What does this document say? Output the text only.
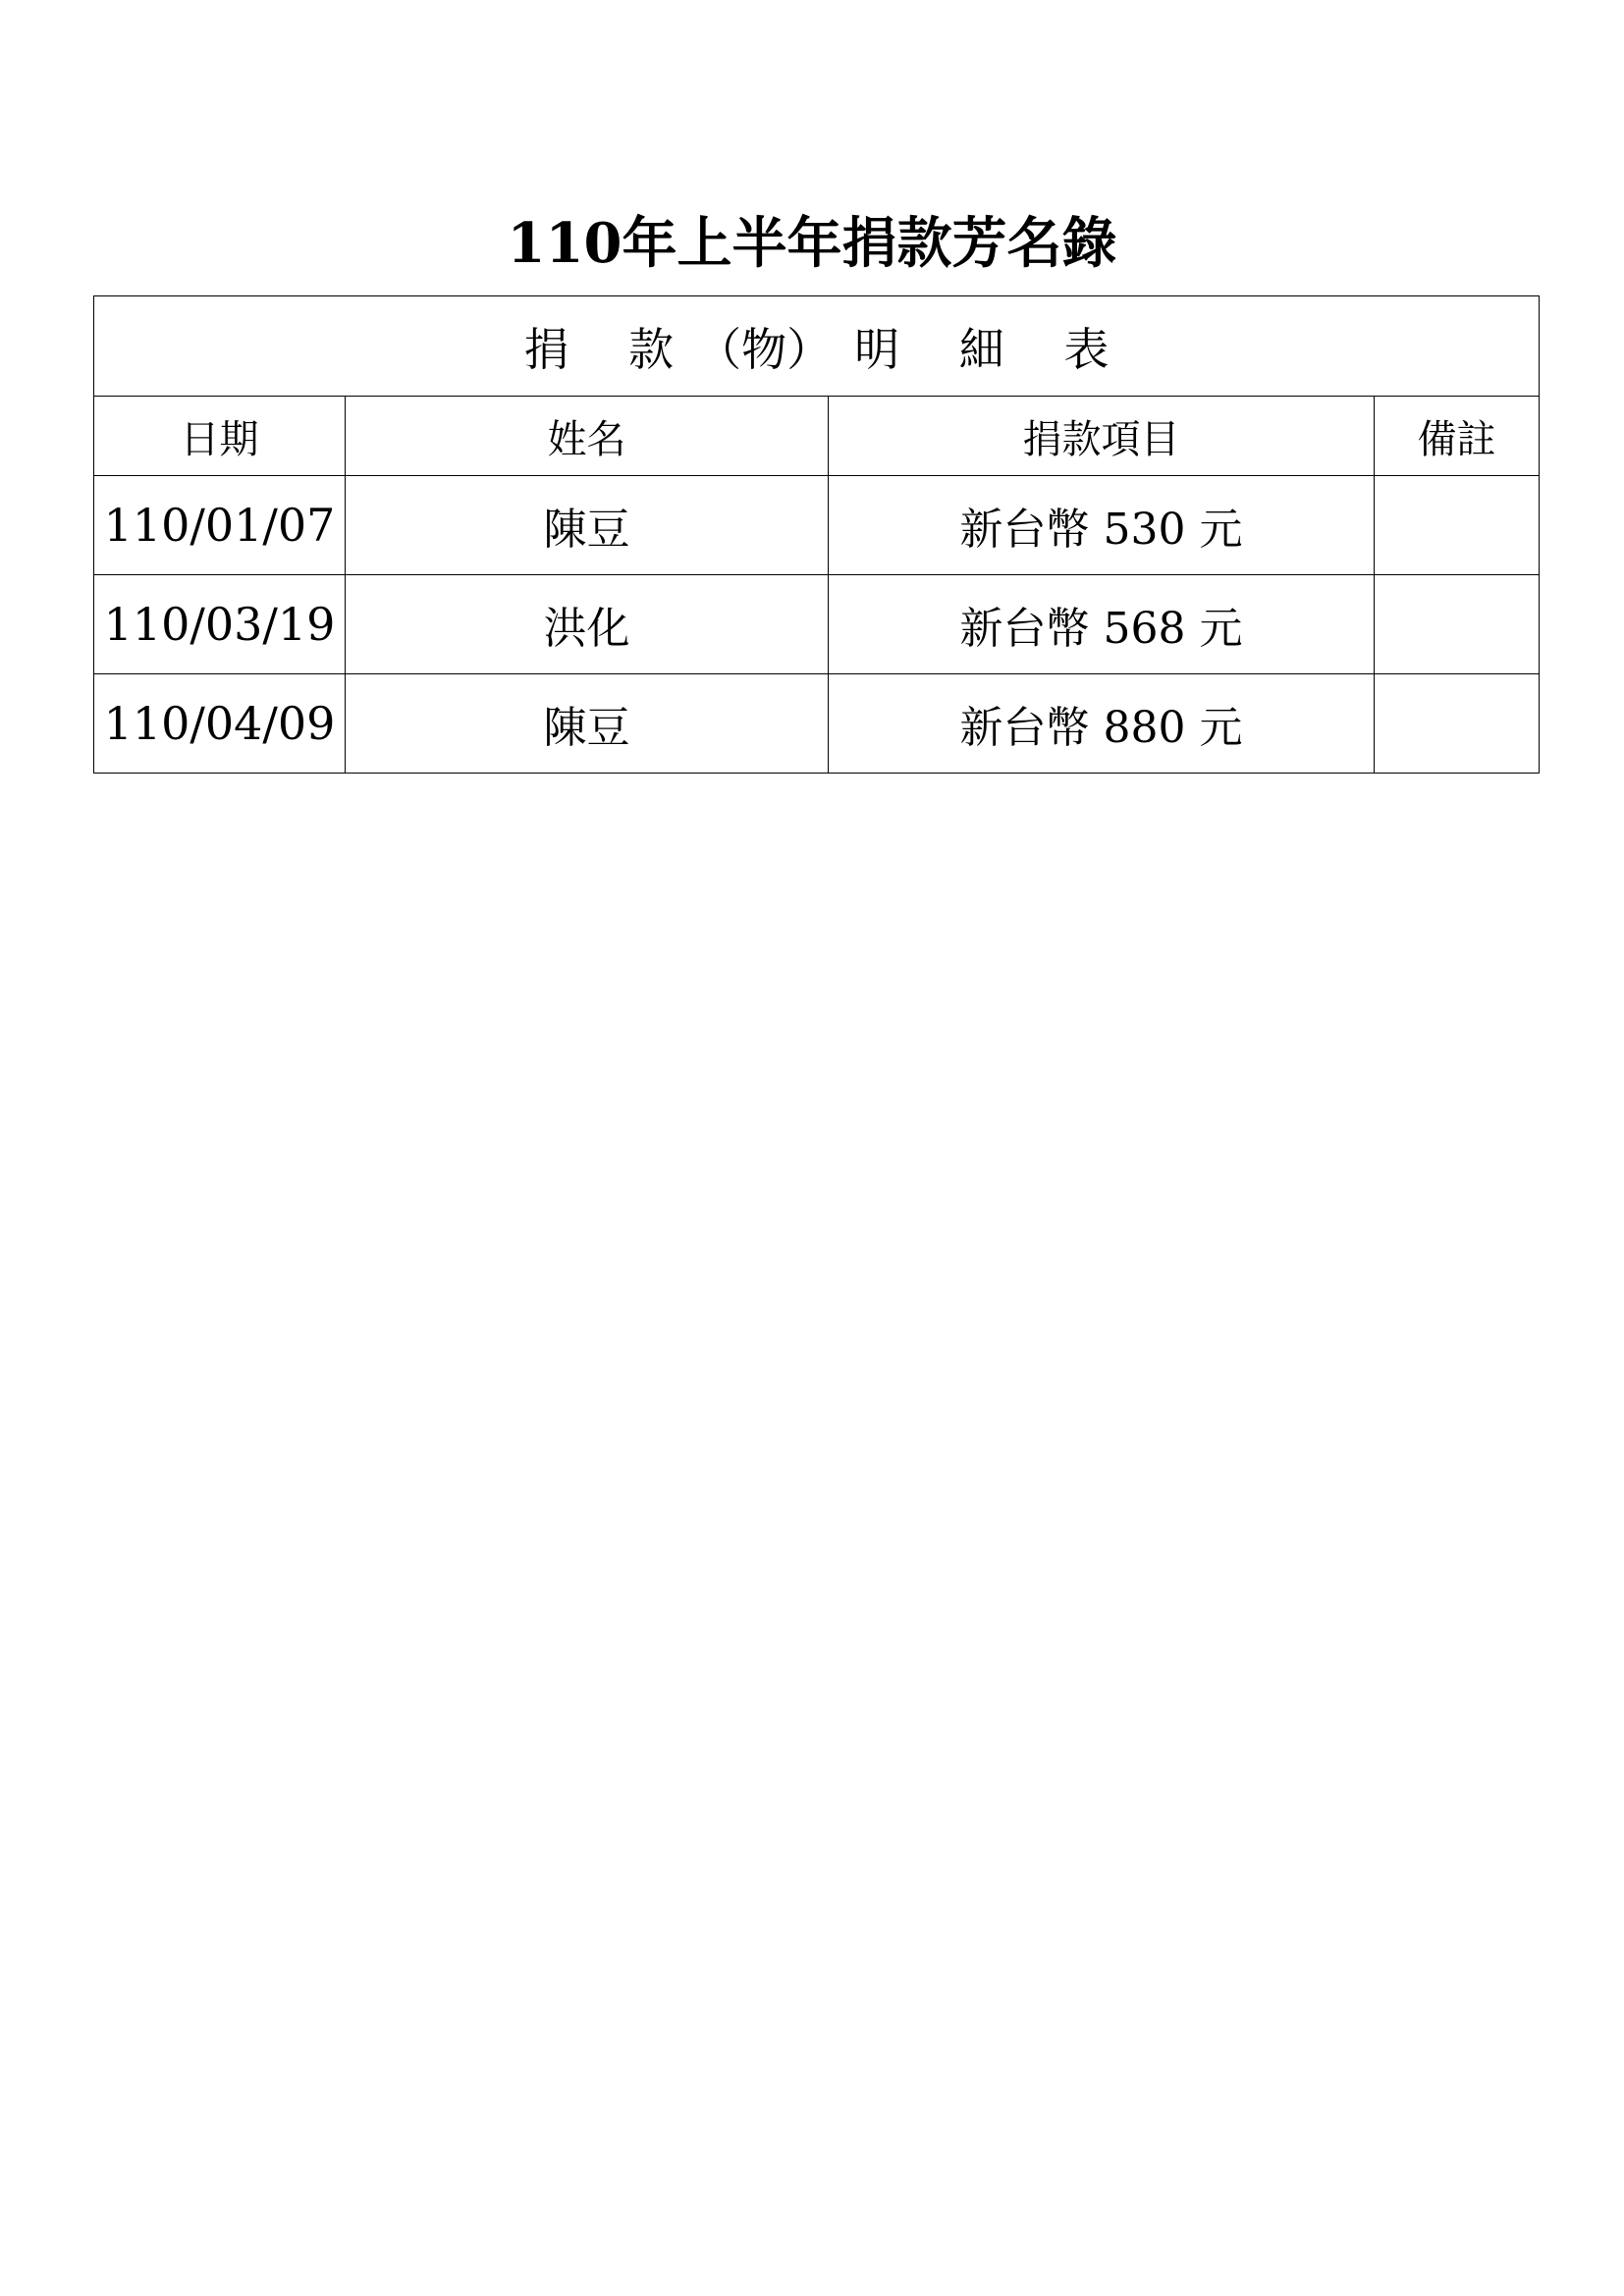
110年上半年捐款芳名錄
捐　 款　（物）　明 　細　 表			
日期	姓名	捐款項目	備註
110/01/07	陳豆	新台幣 530 元	
110/03/19	洪化	新台幣 568 元	
110/04/09	陳豆	新台幣 880 元	
